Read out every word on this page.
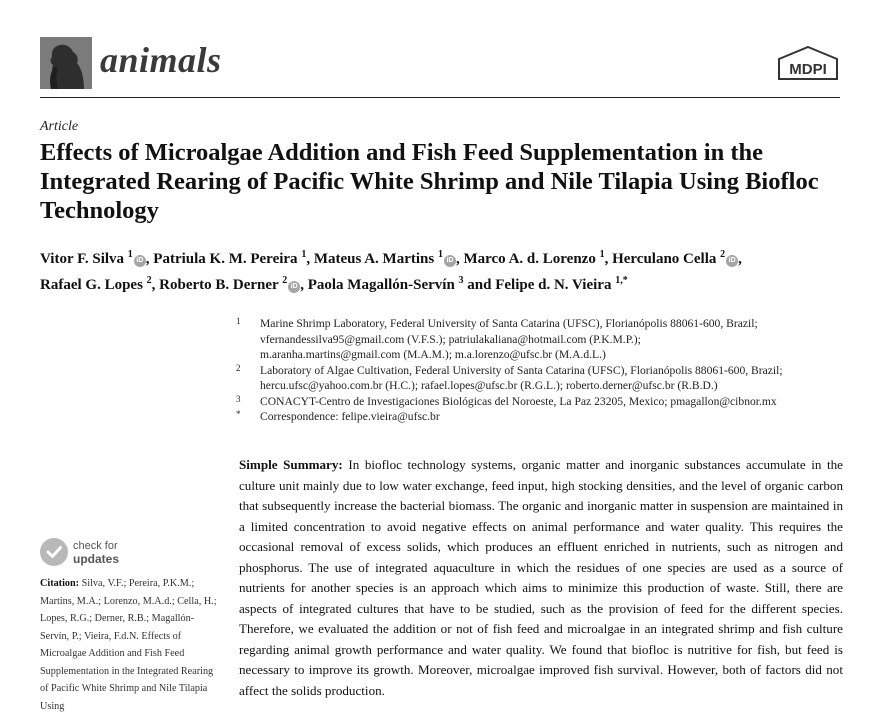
animals	MDPI
Article
Effects of Microalgae Addition and Fish Feed Supplementation in the Integrated Rearing of Pacific White Shrimp and Nile Tilapia Using Biofloc Technology
Vitor F. Silva $^1$iD , Patriula K. M. Pereira $^1$, Mateus A. Martins $^1$iD , Marco A. d. Lorenzo $^1$, Herculano Cella $^2$iD ,
Rafael G. Lopes $^2$, Roberto B. Derner $^2$iD , Paola Magallón-Servín $^3$ and Felipe d. N. Vieira $^{1,*}$
1 Marine Shrimp Laboratory, Federal University of Santa Catarina (UFSC), Florianópolis 88061-600, Brazil;
vfernandessilva95@gmail.com (V.F.S.); patriulakaliana@hotmail.com (P.K.M.P.);
m.aranha.martins@gmail.com (M.A.M.); m.a.lorenzo@ufsc.br (M.A.d.L.)
2 Laboratory of Algae Cultivation, Federal University of Santa Catarina (UFSC), Florianópolis 88061-600, Brazil;
hercu.ufsc@yahoo.com.br (H.C.); rafael.lopes@ufsc.br (R.G.L.); roberto.derner@ufsc.br (R.B.D.)
3 CONACYT-Centro de Investigaciones Biológicas del Noroeste, La Paz 23205, Mexico; pmagallon@cibnor.mx
* Correspondence: felipe.vieira@ufsc.br

Simple Summary: In biofloc technology systems, organic matter and inorganic substances accumulate in the culture unit mainly due to low water exchange, feed input, high stocking densities, and the level of organic carbon that subsequently increase the bacterial biomass. The organic and inorganic matter in suspension are maintained in a limited concentration to avoid negative effects on animal performance and water quality. This requires the occasional removal of excess solids, which produces an effluent enriched in nutrients, such as nitrogen and phosphorus. The use of integrated aquaculture in which the residues of one species are used as a source of nutrients for another species is an approach which aims to minimize this production of waste. Still, there are aspects of integrated cultures that have to be studied, such as the provision of feed for the different species. Therefore, we evaluated the addition or not of fish feed and microalgae in an integrated shrimp and fish culture regarding animal growth performance and water quality. We found that biofloc is nutritive for fish, but feed is necessary to improve its growth. Moreover, microalgae improved fish survival. However, both of factors did not affect the solids production.

check for
updates

Citation: Silva, V.F.; Pereira, P.K.M.; Martins, M.A.; Lorenzo, M.A.d.; Cella, H.; Lopes, R.G.; Derner, R.B.; Magallón-Servín, P.; Vieira, F.d.N. Effects of Microalgae Addition and Fish Feed Supplementation in the Integrated Rearing of Pacific White Shrimp and Nile Tilapia Using
